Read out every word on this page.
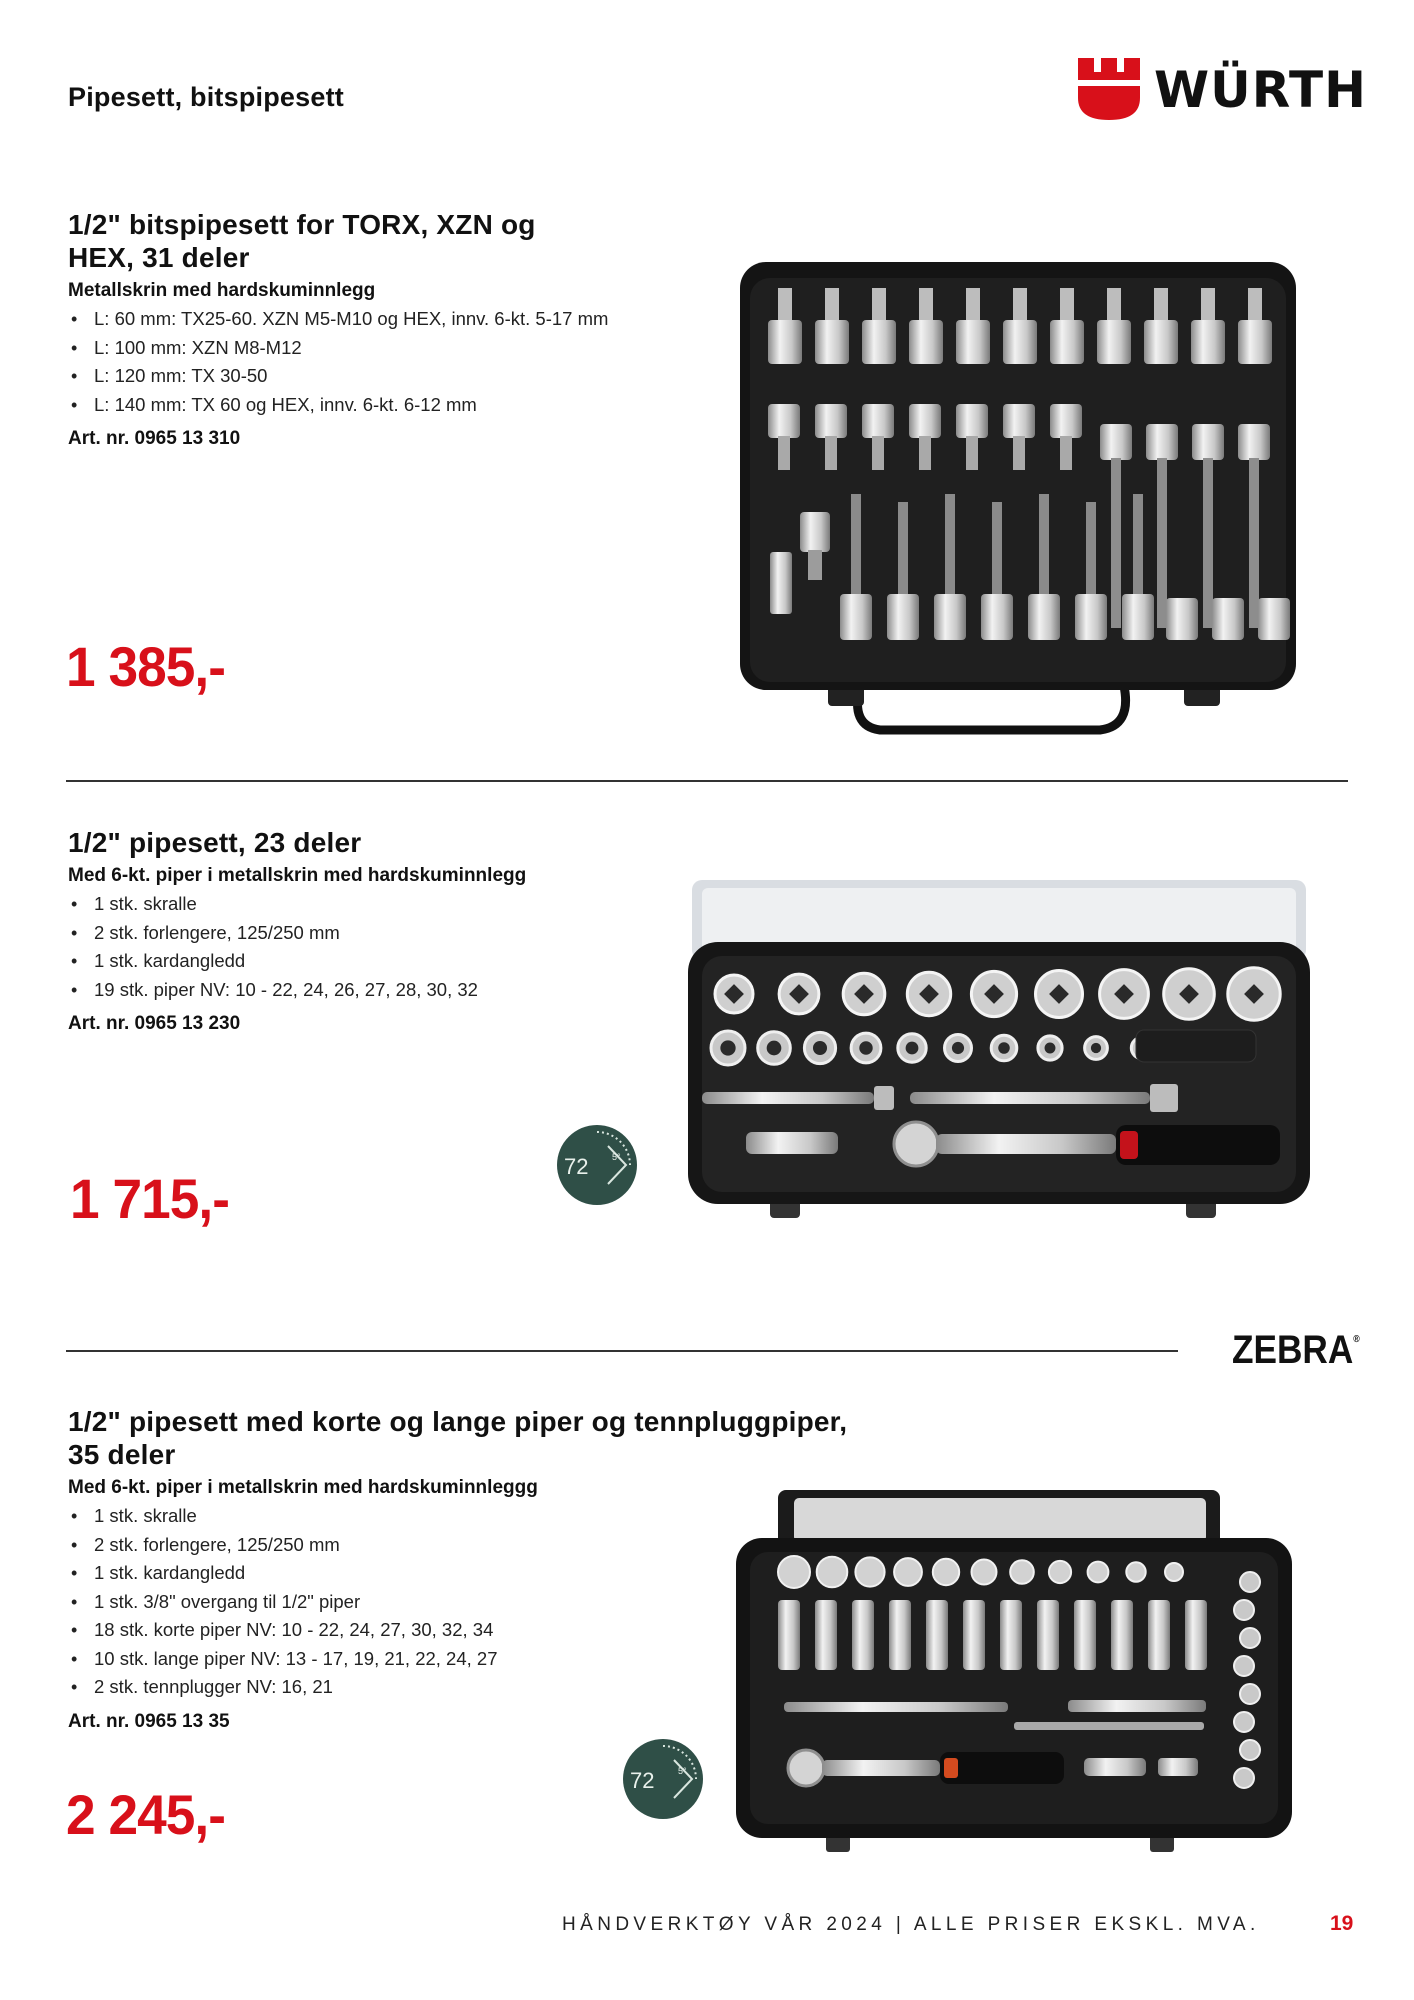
Pipesett, bitspipesett	WÜRTH
1/2" bitspipesett for TORX, XZN og
HEX, 31 deler
Metallskrin med hardskuminnlegg
• L: 60 mm: TX25-60. XZN M5-M10 og HEX, innv. 6-kt. 5-17 mm
• L: 100 mm: XZN M8-M12
• L: 120 mm: TX 30-50
• L: 140 mm: TX 60 og HEX, innv. 6-kt. 6-12 mm
Art. nr. 0965 13 310
1 385,-
1/2" pipesett, 23 deler
Med 6-kt. piper i metallskrin med hardskuminnlegg
• 1 stk. skralle
• 2 stk. forlengere, 125/250 mm
• 1 stk. kardangledd
• 19 stk. piper NV: 10 - 22, 24, 26, 27, 28, 30, 32
Art. nr. 0965 13 230
1 715,-
72	5°
ZEBRA®
1/2" pipesett med korte og lange piper og tennpluggpiper,
35 deler
Med 6-kt. piper i metallskrin med hardskuminnleggg
• 1 stk. skralle
• 2 stk. forlengere, 125/250 mm
• 1 stk. kardangledd
• 1 stk. 3/8" overgang til 1/2" piper
• 18 stk. korte piper NV: 10 - 22, 24, 27, 30, 32, 34
• 10 stk. lange piper NV: 13 - 17, 19, 21, 22, 24, 27
• 2 stk. tennplugger NV: 16, 21
Art. nr. 0965 13 35
2 245,-
72	5°
HÅNDVERKTØY VÅR 2024 | ALLE PRISER EKSKL. MVA.	19
